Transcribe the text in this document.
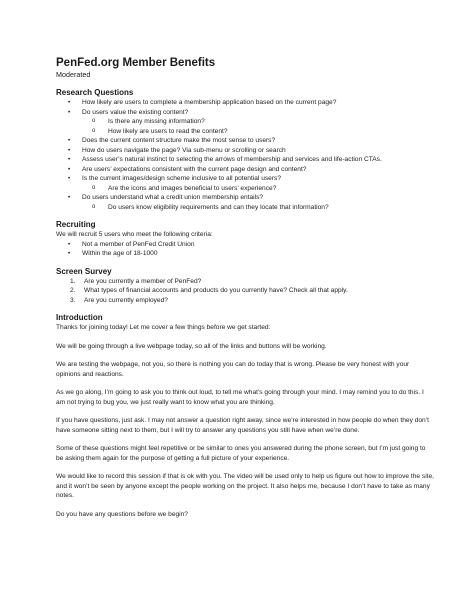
PenFed.org Member Benefits

Moderated

Research Questions
• How likely are users to complete a membership application based on the current page?
• Do users value the existing content?
o Is there any missing information?
o How likely are users to read the content?
• Does the current content structure make the most sense to users?
• How do users navigate the page? Via sub-menu or scrolling or search
• Assess user’s natural instinct to selecting the arrows of membership and services and life-action CTAs.
• Are users’ expectations consistent with the current page design and content?
• Is the current images/design scheme inclusive to all potential users?
o Are the icons and images beneficial to users’ experience?
• Do users understand what a credit union membership entails?
o Do users know eligibility requirements and can they locate that information?
Recruiting

We will recruit 5 users who meet the following criteria:

• Not a member of PenFed Credit Union
• Within the age of 18-1000
Screen Survey
1. Are you currently a member of PenFed?
2. What types of financial accounts and products do you currently have? Check all that apply.
3. Are you currently employed?
Introduction

Thanks for joining today! Let me cover a few things before we get started:

We will be going through a live webpage today, so all of the links and buttons will be working.

We are testing the webpage, not you, so there is nothing you can do today that is wrong. Please be very honest with your opinions and reactions.

As we go along, I’m going to ask you to think out loud, to tell me what’s going through your mind. I may remind you to do this. I am not trying to bug you, we just really want to know what you are thinking.

If you have questions, just ask. I may not answer a question right away, since we’re interested in how people do when they don’t have someone sitting next to them, but I will try to answer any questions you still have when we’re done.

Some of these questions might feel repetitive or be similar to ones you answered during the phone screen, but I’m just going to be asking them again for the purpose of getting a full picture of your experience.

We would like to record this session if that is ok with you. The video will be used only to help us figure out how to improve the site, and it won’t be seen by anyone except the people working on the project. It also helps me, because I don’t have to take as many notes.

Do you have any questions before we begin?
